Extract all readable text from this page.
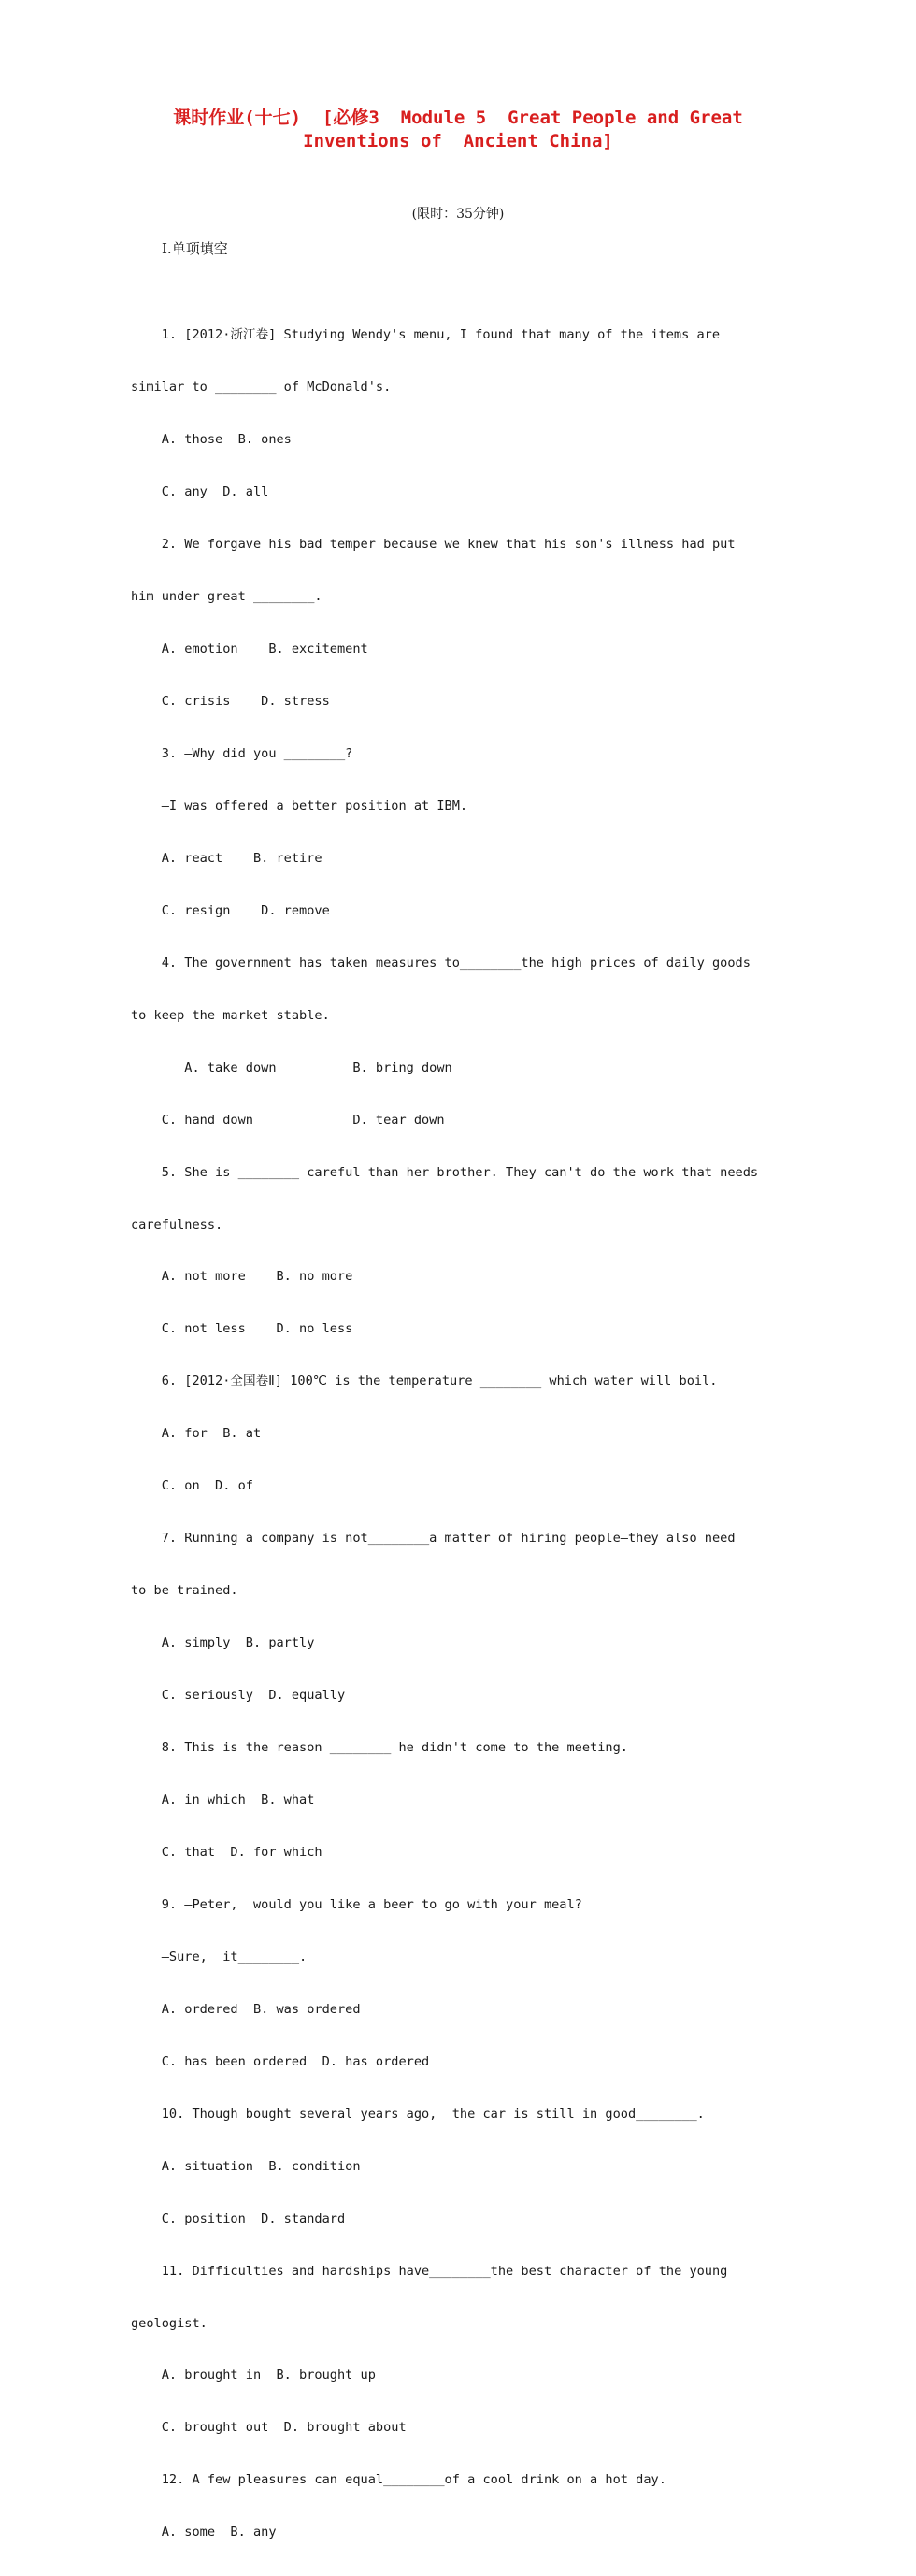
课时作业(十七)  [必修3  Module 5  Great People and Great
Inventions of  Ancient China]
(限时：35分钟)
Ⅰ.单项填空

1. [2012·浙江卷] Studying Wendy's menu, I found that many of the items are

similar to ________ of McDonald's.

A. those  B. ones

C. any  D. all

2. We forgave his bad temper because we knew that his son's illness had put

him under great ________.

A. emotion    B. excitement

C. crisis    D. stress

3. —Why did you ________?

—I was offered a better position at IBM.

A. react    B. retire

C. resign    D. remove

4. The government has taken measures to________the high prices of daily goods

to keep the market stable.

A. take down          B. bring down

C. hand down             D. tear down

5. She is ________ careful than her brother. They can't do the work that needs

carefulness.

A. not more    B. no more

C. not less    D. no less

6. [2012·全国卷Ⅱ] 100℃ is the temperature ________ which water will boil.

A. for  B. at

C. on  D. of

7. Running a company is not________a matter of hiring people—they also need

to be trained.

A. simply  B. partly

C. seriously  D. equally

8. This is the reason ________ he didn't come to the meeting.

A. in which  B. what

C. that  D. for which

9. —Peter,  would you like a beer to go with your meal?

—Sure,  it________.

A. ordered  B. was ordered

C. has been ordered  D. has ordered

10. Though bought several years ago,  the car is still in good________.

A. situation  B. condition

C. position  D. standard

11. Difficulties and hardships have________the best character of the young

geologist.

A. brought in  B. brought up

C. brought out  D. brought about

12. A few pleasures can equal________of a cool drink on a hot day.

A. some  B. any
